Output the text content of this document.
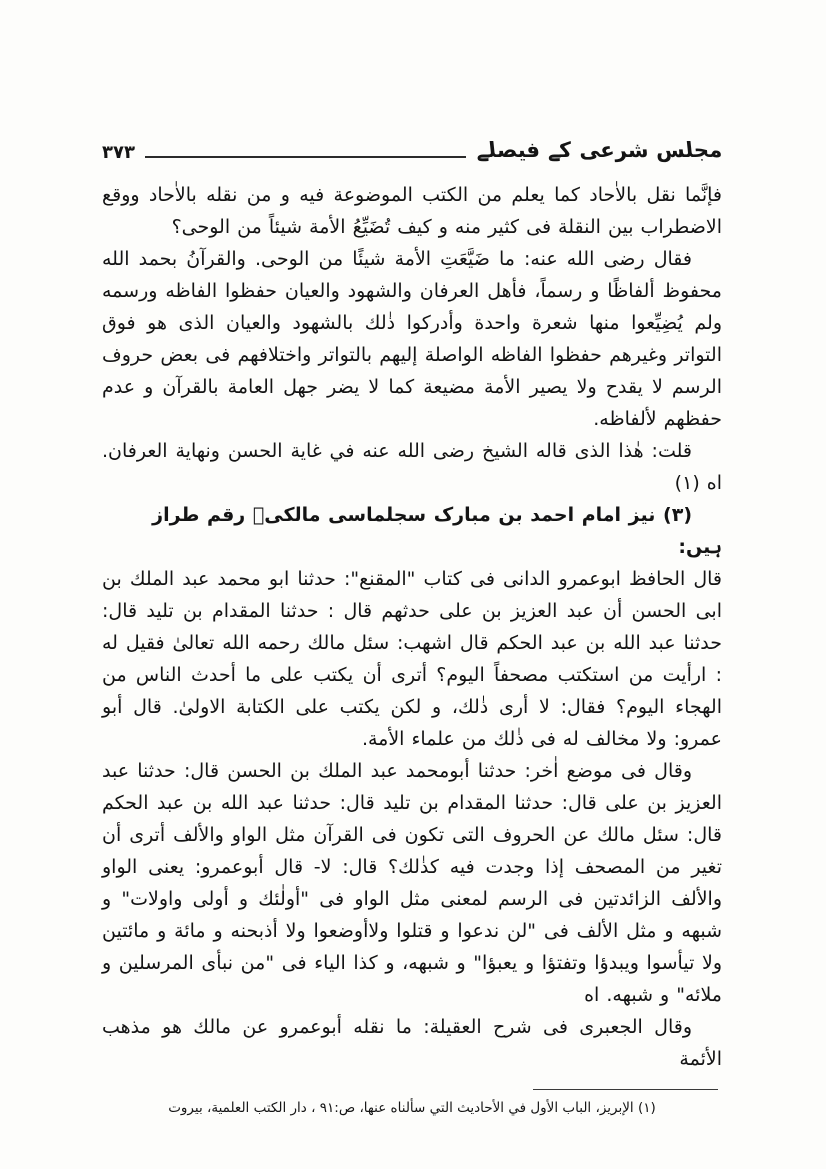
مجلس شرعی کے فیصلے
٣٧٣

فإنَّما نقل بالاٰحاد كما يعلم من الكتب الموضوعة فيه و من نقله بالاٰحاد ووقع الاضطراب بين النقلة فى كثير منه و كيف تُضَيِّعُ الأمة شيئاً من الوحى؟

فقال رضى الله عنه: ما ضَيَّعَتِ الأمة شيئًا من الوحى. والقرآنُ بحمد الله محفوظ ألفاظًا و رسماً، فأهل العرفان والشهود والعيان حفظوا الفاظه ورسمه ولم يُضِيِّعوا منها شعرة واحدة وأدركوا ذٰلك بالشهود والعيان الذى هو فوق التواتر وغيرهم حفظوا الفاظه الواصلة إليهم بالتواتر واختلافهم فى بعض حروف الرسم لا يقدح ولا يصير الأمة مضيعة كما لا يضر جهل العامة بالقرآن و عدم حفظهم لألفاظه.

قلت: هٰذا الذى قاله الشيخ رضى الله عنه في غاية الحسن ونهاية العرفان. اه (١)

(۳) نیز امام احمد بن مبارک سجلماسی مالکیؒ رقم طراز ہیں:

قال الحافظ ابوعمرو الدانى فى كتاب "المقنع": حدثنا ابو محمد عبد الملك بن ابى الحسن أن عبد العزيز بن على حدثهم قال : حدثنا المقدام بن تليد قال: حدثنا عبد الله بن عبد الحكم قال اشهب: سئل مالك رحمه الله تعالىٰ فقيل له : ارأيت من استكتب مصحفاً اليوم؟ أترى أن يكتب على ما أحدث الناس من الهجاء اليوم؟ فقال: لا أرى ذٰلك، و لكن يكتب على الكتابة الاولىٰ. قال أبو عمرو: ولا مخالف له فى ذٰلك من علماء الأمة.

وقال فى موضع اٰخر: حدثنا أبومحمد عبد الملك بن الحسن قال: حدثنا عبد العزيز بن على قال: حدثنا المقدام بن تليد قال: حدثنا عبد الله بن عبد الحكم قال: سئل مالك عن الحروف التى تكون فى القرآن مثل الواو والألف أترى أن تغير من المصحف إذا وجدت فيه كذٰلك؟ قال: لا- قال أبوعمرو: يعنى الواو والألف الزائدتين فى الرسم لمعنى مثل الواو فى "أولٰئك و أولى واولات" و شبهه و مثل الألف فى "لن ندعوا و قتلوا ولاأوضعوا ولا أذبحنه و مائة و مائتين ولا تيأسوا ويبدؤا وتفتؤا و يعبؤا" و شبهه، و كذا الياء فى "من نبأى المرسلين و ملائه" و شبهه. اه

وقال الجعبرى فى شرح العقيلة: ما نقله أبوعمرو عن مالك هو مذهب الأئمة

(١) الإبريز، الباب الأول في الأحاديث التي سألناه عنها، ص:٩١ ، دار الكتب العلمية، بيروت
